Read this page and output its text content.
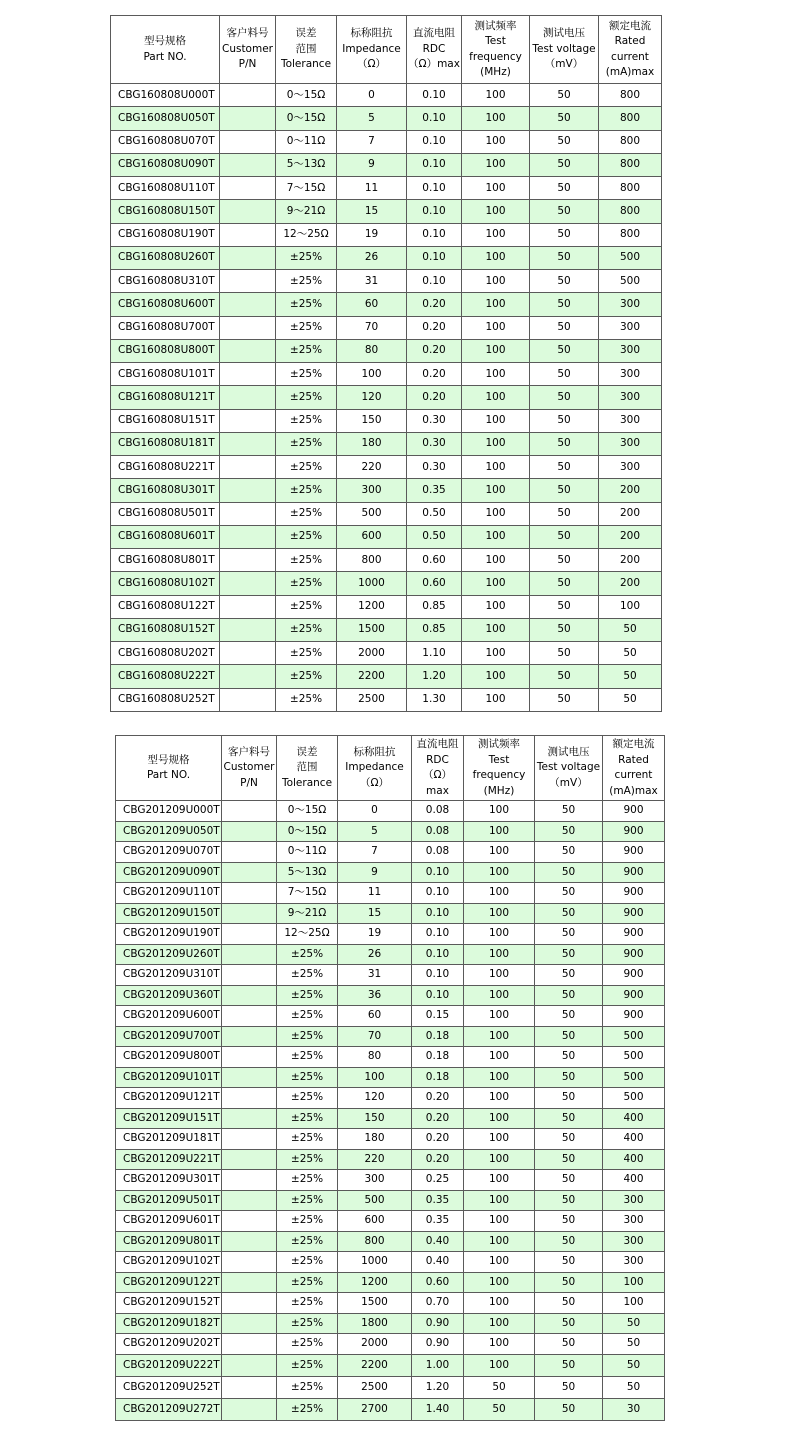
型号规格
Part NO.	客户料号
Customer
P/N	误差
范围
Tolerance	标称阻抗
Impedance
（Ω）	直流电阻
RDC
（Ω）max	测试频率
Test
frequency
(MHz)	测试电压
Test voltage
（mV）	额定电流
Rated
current
(mA)max
CBG160808U000T		0～15Ω	0	0.10	100	50	800
CBG160808U050T		0～15Ω	5	0.10	100	50	800
CBG160808U070T		0～11Ω	7	0.10	100	50	800
CBG160808U090T		5～13Ω	9	0.10	100	50	800
CBG160808U110T		7～15Ω	11	0.10	100	50	800
CBG160808U150T		9～21Ω	15	0.10	100	50	800
CBG160808U190T		12～25Ω	19	0.10	100	50	800
CBG160808U260T		±25%	26	0.10	100	50	500
CBG160808U310T		±25%	31	0.10	100	50	500
CBG160808U600T		±25%	60	0.20	100	50	300
CBG160808U700T		±25%	70	0.20	100	50	300
CBG160808U800T		±25%	80	0.20	100	50	300
CBG160808U101T		±25%	100	0.20	100	50	300
CBG160808U121T		±25%	120	0.20	100	50	300
CBG160808U151T		±25%	150	0.30	100	50	300
CBG160808U181T		±25%	180	0.30	100	50	300
CBG160808U221T		±25%	220	0.30	100	50	300
CBG160808U301T		±25%	300	0.35	100	50	200
CBG160808U501T		±25%	500	0.50	100	50	200
CBG160808U601T		±25%	600	0.50	100	50	200
CBG160808U801T		±25%	800	0.60	100	50	200
CBG160808U102T		±25%	1000	0.60	100	50	200
CBG160808U122T		±25%	1200	0.85	100	50	100
CBG160808U152T		±25%	1500	0.85	100	50	50
CBG160808U202T		±25%	2000	1.10	100	50	50
CBG160808U222T		±25%	2200	1.20	100	50	50
CBG160808U252T		±25%	2500	1.30	100	50	50
型号规格
Part NO.	客户料号
Customer
P/N	误差
范围
Tolerance	标称阻抗
Impedance
（Ω）	直流电阻
RDC
（Ω）max	测试频率
Test
frequency
(MHz)	测试电压
Test voltage
（mV）	额定电流
Rated
current
(mA)max
CBG201209U000T		0～15Ω	0	0.08	100	50	900
CBG201209U050T		0～15Ω	5	0.08	100	50	900
CBG201209U070T		0～11Ω	7	0.08	100	50	900
CBG201209U090T		5～13Ω	9	0.10	100	50	900
CBG201209U110T		7～15Ω	11	0.10	100	50	900
CBG201209U150T		9～21Ω	15	0.10	100	50	900
CBG201209U190T		12～25Ω	19	0.10	100	50	900
CBG201209U260T		±25%	26	0.10	100	50	900
CBG201209U310T		±25%	31	0.10	100	50	900
CBG201209U360T		±25%	36	0.10	100	50	900
CBG201209U600T		±25%	60	0.15	100	50	900
CBG201209U700T		±25%	70	0.18	100	50	500
CBG201209U800T		±25%	80	0.18	100	50	500
CBG201209U101T		±25%	100	0.18	100	50	500
CBG201209U121T		±25%	120	0.20	100	50	500
CBG201209U151T		±25%	150	0.20	100	50	400
CBG201209U181T		±25%	180	0.20	100	50	400
CBG201209U221T		±25%	220	0.20	100	50	400
CBG201209U301T		±25%	300	0.25	100	50	400
CBG201209U501T		±25%	500	0.35	100	50	300
CBG201209U601T		±25%	600	0.35	100	50	300
CBG201209U801T		±25%	800	0.40	100	50	300
CBG201209U102T		±25%	1000	0.40	100	50	300
CBG201209U122T		±25%	1200	0.60	100	50	100
CBG201209U152T		±25%	1500	0.70	100	50	100
CBG201209U182T		±25%	1800	0.90	100	50	50
CBG201209U202T		±25%	2000	0.90	100	50	50
CBG201209U222T		±25%	2200	1.00	100	50	50
CBG201209U252T		±25%	2500	1.20	50	50	50
CBG201209U272T		±25%	2700	1.40	50	50	30
